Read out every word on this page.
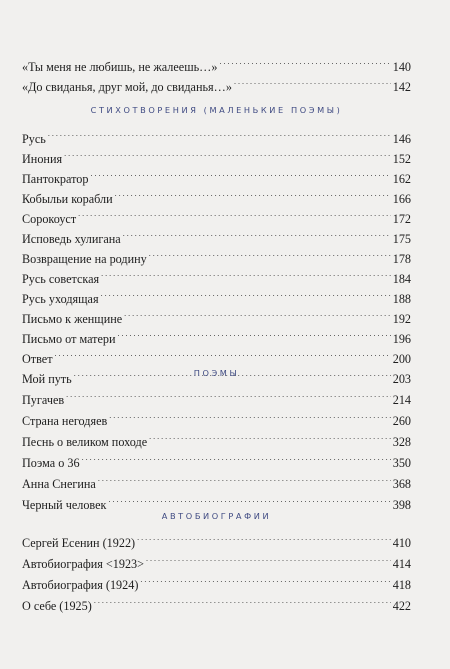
«Ты меня не любишь, не жалеешь…» . . .	140
«До свиданья, друг мой, до свиданья…» . . .	142
СТИХОТВОРЕНИЯ (МАЛЕНЬКИЕ ПОЭМЫ)
Русь . . .	146
Инония . . .	152
Пантократор . . .	162
Кобыльи корабли . . .	166
Сорокоуст . . .	172
Исповедь хулигана . . .	175
Возвращение на родину . . .	178
Русь советская . . .	184
Русь уходящая . . .	188
Письмо к женщине . . .	192
Письмо от матери . . .	196
Ответ . . .	200
Мой путь . . .	203
ПОЭМЫ
Пугачев . . .	214
Страна негодяев . . .	260
Песнь о великом походе . . .	328
Поэма о 36 . . .	350
Анна Снегина . . .	368
Черный человек . . .	398
АВТОБИОГРАФИИ
Сергей Есенин (1922) . . .	410
Автобиография <1923> . . .	414
Автобиография (1924) . . .	418
О себе (1925) . . .	422
